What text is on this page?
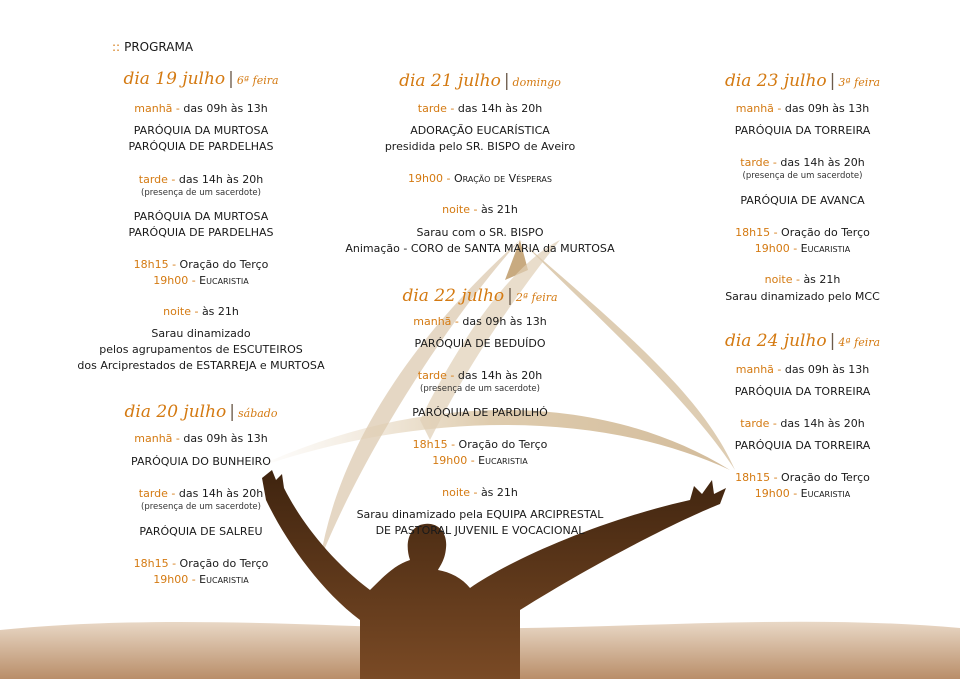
:: PROGRAMA
dia 19 julho | 6ª feira
manhã - das 09h às 13h
PARÓQUIA DA MURTOSA
PARÓQUIA DE PARDELHAS
tarde - das 14h às 20h
(presença de um sacerdote)
PARÓQUIA DA MURTOSA
PARÓQUIA DE PARDELHAS
18h15 - Oração do Terço
19h00 - Eucaristia
noite - às 21h
Sarau dinamizado
pelos agrupamentos de ESCUTEIROS
dos Arciprestados de ESTARREJA e MURTOSA
dia 20 julho | sábado
manhã - das 09h às 13h
PARÓQUIA DO BUNHEIRO
tarde - das 14h às 20h
(presença de um sacerdote)
PARÓQUIA DE SALREU
18h15 - Oração do Terço
19h00 - Eucaristia
dia 21 julho | domingo
tarde - das 14h às 20h
ADORAÇÃO EUCARÍSTICA
presidida pelo SR. BISPO de Aveiro
19h00 - Oração de Vésperas
noite - às 21h
Sarau com o SR. BISPO
Animação - CORO de SANTA MARIA da MURTOSA
dia 22 julho | 2ª feira
manhã - das 09h às 13h
PARÓQUIA DE BEDUÍDO
tarde - das 14h às 20h
(presença de um sacerdote)
PARÓQUIA DE PARDILHÓ
18h15 - Oração do Terço
19h00 - Eucaristia
noite - às 21h
Sarau dinamizado pela EQUIPA ARCIPRESTAL
DE PASTORAL JUVENIL E VOCACIONAL
dia 23 julho | 3ª feira
manhã - das 09h às 13h
PARÓQUIA DA TORREIRA
tarde - das 14h às 20h
(presença de um sacerdote)
PARÓQUIA DE AVANCA
18h15 - Oração do Terço
19h00 - Eucaristia
noite - às 21h
Sarau dinamizado pelo MCC
dia 24 julho | 4ª feira
manhã - das 09h às 13h
PARÓQUIA DA TORREIRA
tarde - das 14h às 20h
PARÓQUIA DA TORREIRA
18h15 - Oração do Terço
19h00 - Eucaristia
